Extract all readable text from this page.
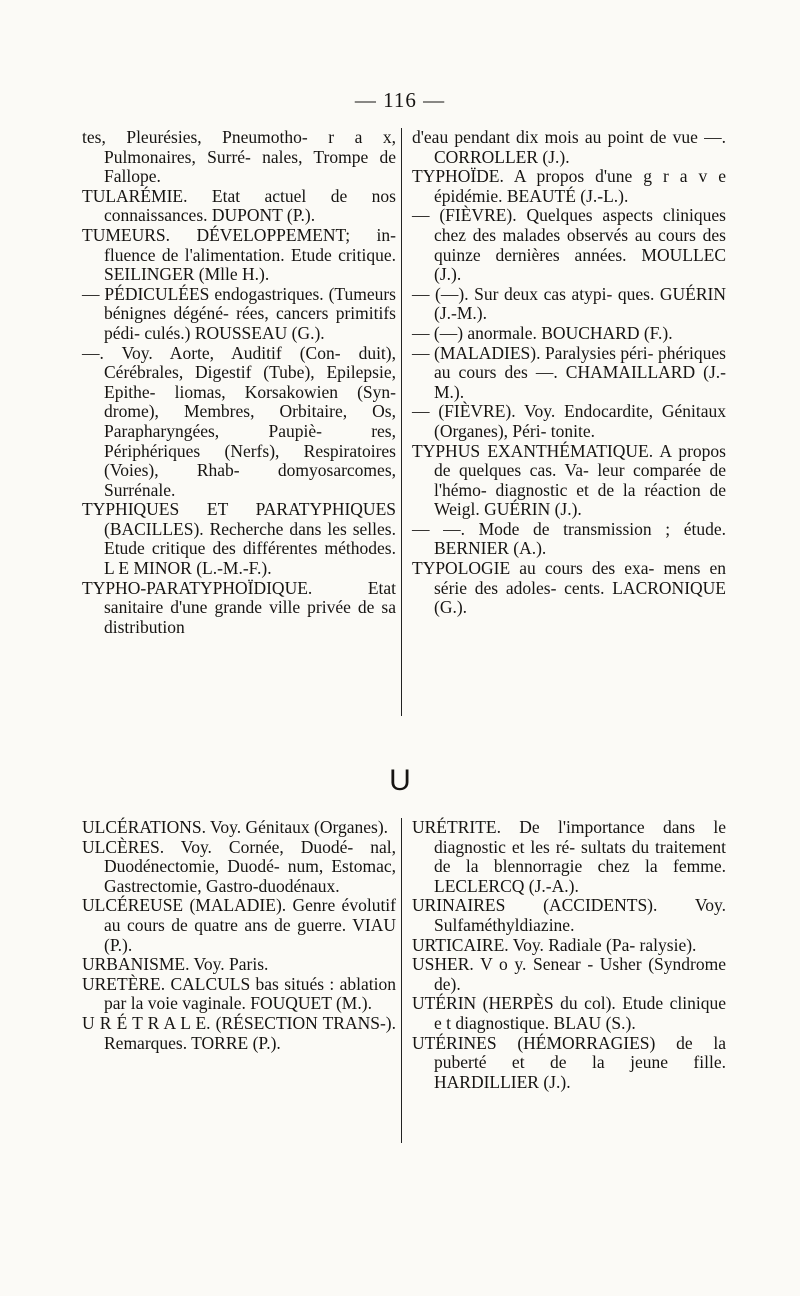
— 116 —

tes, Pleurésies, Pneumotho- r a x, Pulmonaires, Surré- nales, Trompe de Fallope.

TULARÉMIE. Etat actuel de nos connaissances. DUPONT (P.).

TUMEURS. DÉVELOPPEMENT; in- fluence de l'alimentation. Etude critique. SEILINGER (Mlle H.).

— PÉDICULÉES endogastriques. (Tumeurs bénignes dégéné- rées, cancers primitifs pédi- culés.) ROUSSEAU (G.).

—. Voy. Aorte, Auditif (Con- duit), Cérébrales, Digestif (Tube), Epilepsie, Epithe- liomas, Korsakowien (Syn- drome), Membres, Orbitaire, Os, Parapharyngées, Paupiè- res, Périphériques (Nerfs), Respiratoires (Voies), Rhab- domyosarcomes, Surrénale.

TYPHIQUES ET PARATYPHIQUES (BACILLES). Recherche dans les selles. Etude critique des différentes méthodes. L E MINOR (L.-M.-F.).

TYPHO-PARATYPHOÏDIQUE. Etat sanitaire d'une grande ville privée de sa distribution

d'eau pendant dix mois au point de vue —. CORROLLER (J.).

TYPHOÏDE. A propos d'une g r a v e épidémie. BEAUTÉ (J.-L.).

— (FIÈVRE). Quelques aspects cliniques chez des malades observés au cours des quinze dernières années. MOULLEC (J.).

— (—). Sur deux cas atypi- ques. GUÉRIN (J.-M.).

— (—) anormale. BOUCHARD (F.).

— (MALADIES). Paralysies péri- phériques au cours des —. CHAMAILLARD (J.-M.).

— (FIÈVRE). Voy. Endocardite, Génitaux (Organes), Péri- tonite.

TYPHUS EXANTHÉMATIQUE. A propos de quelques cas. Va- leur comparée de l'hémo- diagnostic et de la réaction de Weigl. GUÉRIN (J.).

— —. Mode de transmission ; étude. BERNIER (A.).

TYPOLOGIE au cours des exa- mens en série des adoles- cents. LACRONIQUE (G.).

U

ULCÉRATIONS. Voy. Génitaux (Organes).

ULCÈRES. Voy. Cornée, Duodé- nal, Duodénectomie, Duodé- num, Estomac, Gastrectomie, Gastro-duodénaux.

ULCÉREUSE (MALADIE). Genre évolutif au cours de quatre ans de guerre. VIAU (P.).

URBANISME. Voy. Paris.

URETÈRE. CALCULS bas situés : ablation par la voie vaginale. FOUQUET (M.).

U R É T R A L E. (RÉSECTION TRANS-). Remarques. TORRE (P.).

URÉTRITE. De l'importance dans le diagnostic et les ré- sultats du traitement de la blennorragie chez la femme. LECLERCQ (J.-A.).

URINAIRES (ACCIDENTS). Voy. Sulfaméthyldiazine.

URTICAIRE. Voy. Radiale (Pa- ralysie).

USHER. V o y. Senear - Usher (Syndrome de).

UTÉRIN (HERPÈS du col). Etude clinique e t diagnostique. BLAU (S.).

UTÉRINES (HÉMORRAGIES) de la puberté et de la jeune fille. HARDILLIER (J.).
